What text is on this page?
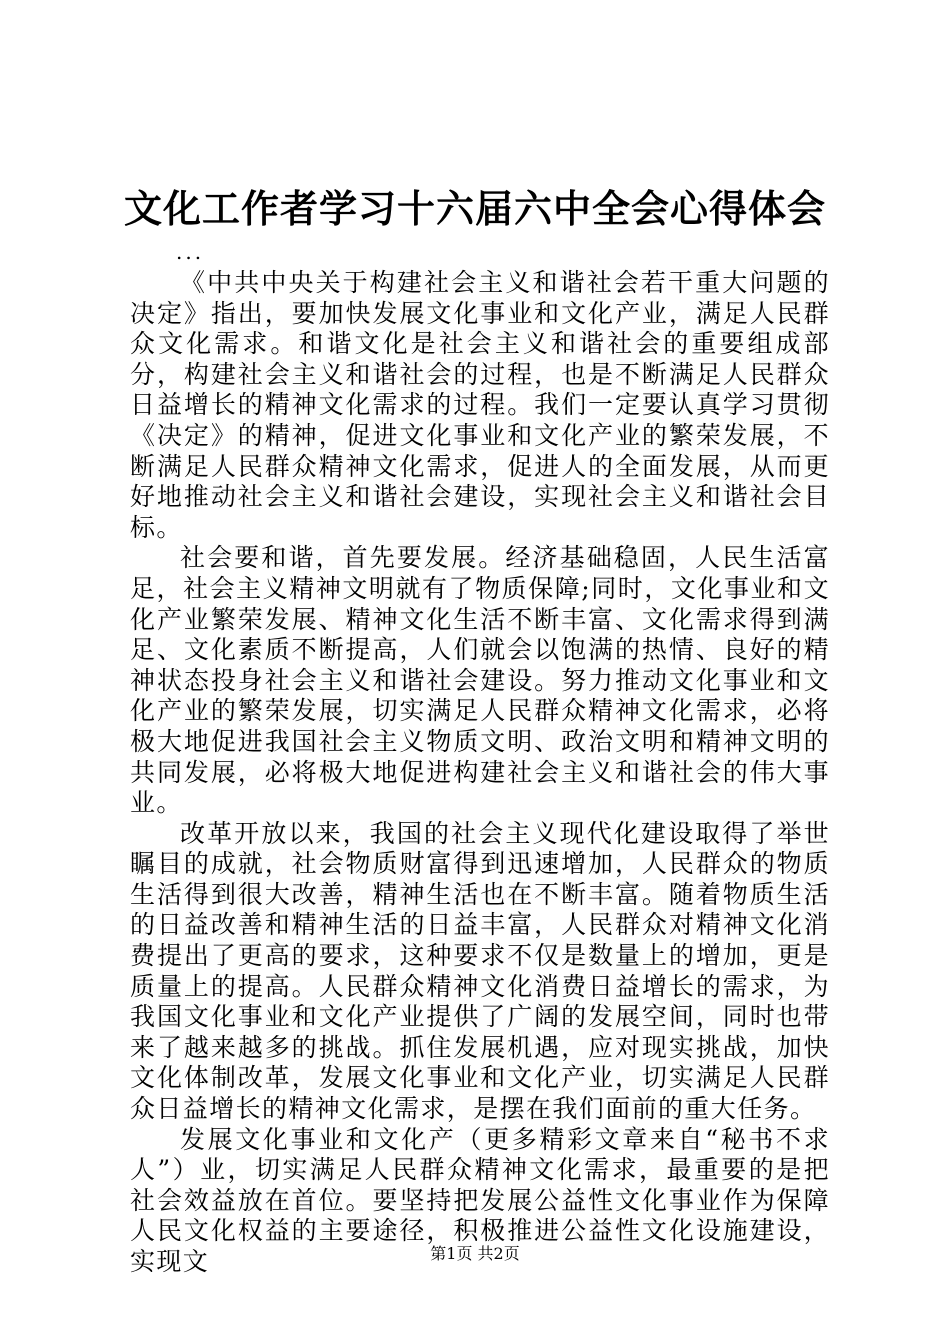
文化工作者学习十六届六中全会心得体会

...

《中共中央关于构建社会主义和谐社会若干重大问题的决定》指出，要加快发展文化事业和文化产业，满足人民群众文化需求。和谐文化是社会主义和谐社会的重要组成部分，构建社会主义和谐社会的过程，也是不断满足人民群众日益增长的精神文化需求的过程。我们一定要认真学习贯彻《决定》的精神，促进文化事业和文化产业的繁荣发展，不断满足人民群众精神文化需求，促进人的全面发展，从而更好地推动社会主义和谐社会建设，实现社会主义和谐社会目标。

社会要和谐，首先要发展。经济基础稳固，人民生活富足，社会主义精神文明就有了物质保障;同时，文化事业和文化产业繁荣发展、精神文化生活不断丰富、文化需求得到满足、文化素质不断提高，人们就会以饱满的热情、良好的精神状态投身社会主义和谐社会建设。努力推动文化事业和文化产业的繁荣发展，切实满足人民群众精神文化需求，必将极大地促进我国社会主义物质文明、政治文明和精神文明的共同发展，必将极大地促进构建社会主义和谐社会的伟大事业。

改革开放以来，我国的社会主义现代化建设取得了举世瞩目的成就，社会物质财富得到迅速增加，人民群众的物质生活得到很大改善，精神生活也在不断丰富。随着物质生活的日益改善和精神生活的日益丰富，人民群众对精神文化消费提出了更高的要求，这种要求不仅是数量上的增加，更是质量上的提高。人民群众精神文化消费日益增长的需求，为我国文化事业和文化产业提供了广阔的发展空间，同时也带来了越来越多的挑战。抓住发展机遇，应对现实挑战，加快文化体制改革，发展文化事业和文化产业，切实满足人民群众日益增长的精神文化需求，是摆在我们面前的重大任务。

发展文化事业和文化产（更多精彩文章来自“秘书不求人”）业，切实满足人民群众精神文化需求，最重要的是把社会效益放在首位。要坚持把发展公益性文化事业作为保障人民文化权益的主要途径，积极推进公益性文化设施建设，实现文	第1页 共2页
